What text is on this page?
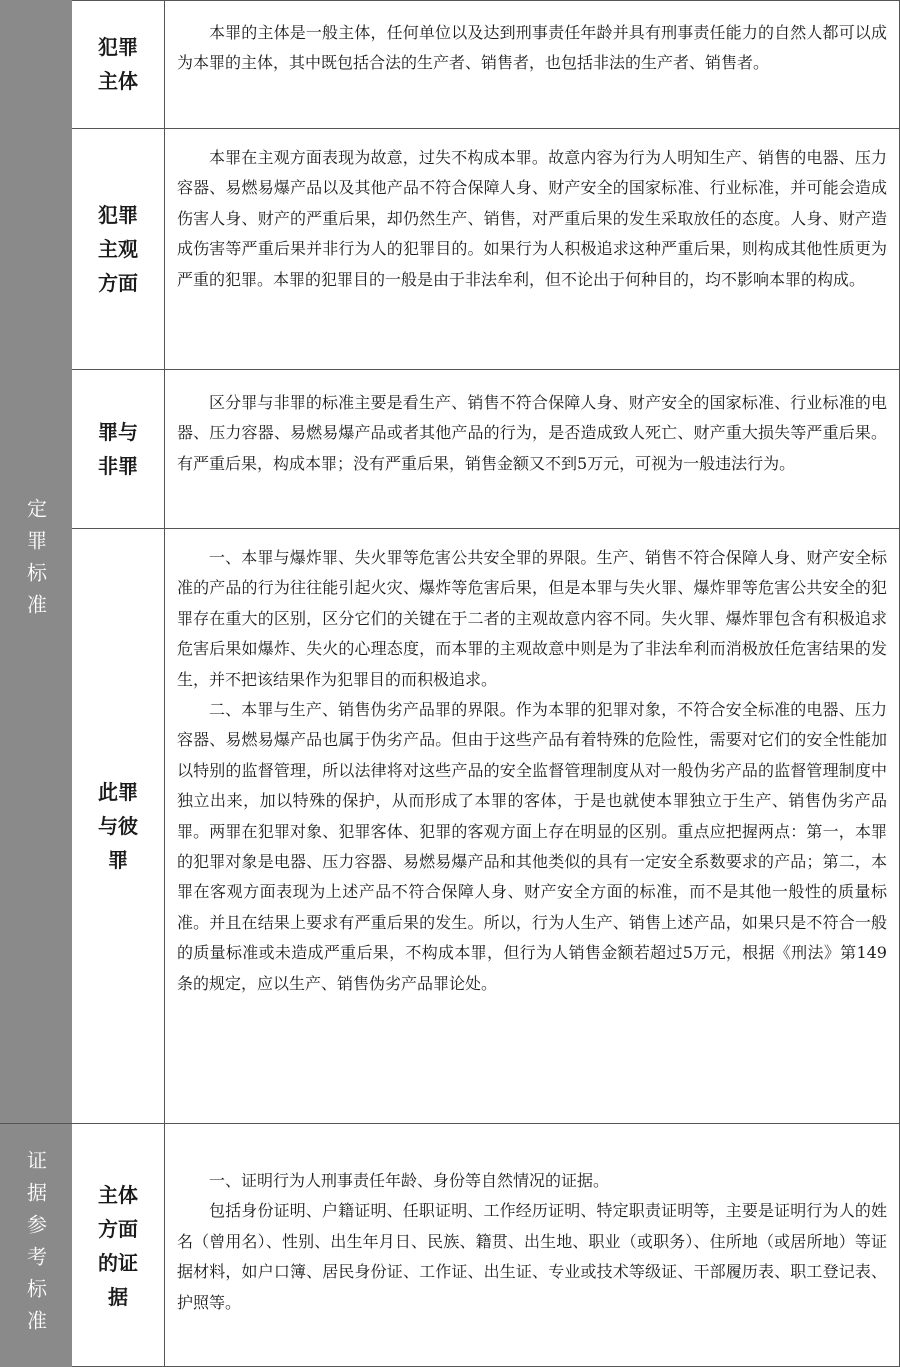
定罪标准
证据参考标准
犯罪主体

本罪的主体是一般主体，任何单位以及达到刑事责任年龄并具有刑事责任能力的自然人都可以成为本罪的主体，其中既包括合法的生产者、销售者，也包括非法的生产者、销售者。

犯罪主观方面

本罪在主观方面表现为故意，过失不构成本罪。故意内容为行为人明知生产、销售的电器、压力容器、易燃易爆产品以及其他产品不符合保障人身、财产安全的国家标准、行业标准，并可能会造成伤害人身、财产的严重后果，却仍然生产、销售，对严重后果的发生采取放任的态度。人身、财产造成伤害等严重后果并非行为人的犯罪目的。如果行为人积极追求这种严重后果，则构成其他性质更为严重的犯罪。本罪的犯罪目的一般是由于非法牟利，但不论出于何种目的，均不影响本罪的构成。

罪与非罪

区分罪与非罪的标准主要是看生产、销售不符合保障人身、财产安全的国家标准、行业标准的电器、压力容器、易燃易爆产品或者其他产品的行为，是否造成致人死亡、财产重大损失等严重后果。有严重后果，构成本罪；没有严重后果，销售金额又不到5万元，可视为一般违法行为。

此罪与彼罪

一、本罪与爆炸罪、失火罪等危害公共安全罪的界限。生产、销售不符合保障人身、财产安全标准的产品的行为往往能引起火灾、爆炸等危害后果，但是本罪与失火罪、爆炸罪等危害公共安全的犯罪存在重大的区别，区分它们的关键在于二者的主观故意内容不同。失火罪、爆炸罪包含有积极追求危害后果如爆炸、失火的心理态度，而本罪的主观故意中则是为了非法牟利而消极放任危害结果的发生，并不把该结果作为犯罪目的而积极追求。

二、本罪与生产、销售伪劣产品罪的界限。作为本罪的犯罪对象，不符合安全标准的电器、压力容器、易燃易爆产品也属于伪劣产品。但由于这些产品有着特殊的危险性，需要对它们的安全性能加以特别的监督管理，所以法律将对这些产品的安全监督管理制度从对一般伪劣产品的监督管理制度中独立出来，加以特殊的保护，从而形成了本罪的客体，于是也就使本罪独立于生产、销售伪劣产品罪。两罪在犯罪对象、犯罪客体、犯罪的客观方面上存在明显的区别。重点应把握两点：第一，本罪的犯罪对象是电器、压力容器、易燃易爆产品和其他类似的具有一定安全系数要求的产品；第二，本罪在客观方面表现为上述产品不符合保障人身、财产安全方面的标准，而不是其他一般性的质量标准。并且在结果上要求有严重后果的发生。所以，行为人生产、销售上述产品，如果只是不符合一般的质量标准或未造成严重后果，不构成本罪，但行为人销售金额若超过5万元，根据《刑法》第149条的规定，应以生产、销售伪劣产品罪论处。

主体方面的证据

一、证明行为人刑事责任年龄、身份等自然情况的证据。

包括身份证明、户籍证明、任职证明、工作经历证明、特定职责证明等，主要是证明行为人的姓名（曾用名）、性别、出生年月日、民族、籍贯、出生地、职业（或职务）、住所地（或居所地）等证据材料，如户口簿、居民身份证、工作证、出生证、专业或技术等级证、干部履历表、职工登记表、护照等。
